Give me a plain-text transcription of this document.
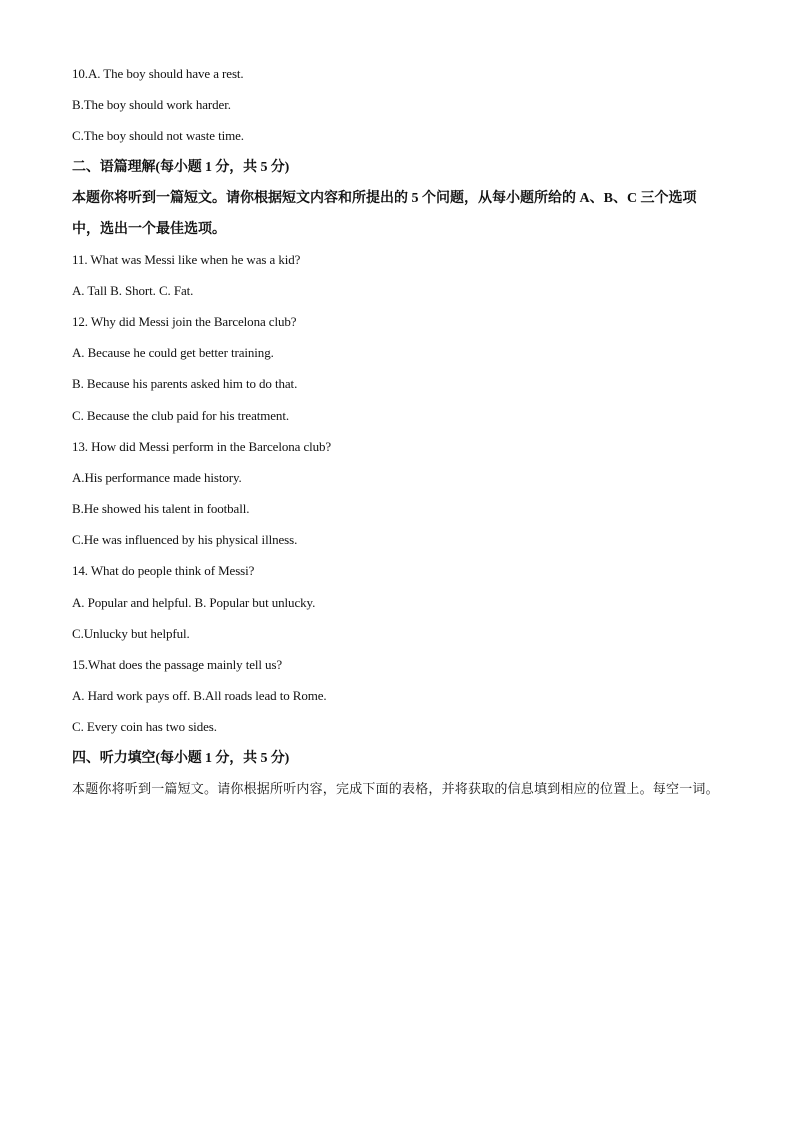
10.A. The boy should have a rest.
B.The boy should work harder.
C.The boy should not waste time.
二、语篇理解(每小题 1 分，共 5 分)
本题你将听到一篇短文。请你根据短文内容和所提出的 5 个问题，从每小题所给的 A、B、C 三个选项中，选出一个最佳选项。
11. What was Messi like when he was a kid?
A. Tall B. Short. C. Fat.
12. Why did Messi join the Barcelona club?
A. Because he could get better training.
B. Because his parents asked him to do that.
C. Because the club paid for his treatment.
13. How did Messi perform in the Barcelona club?
A.His performance made history.
B.He showed his talent in football.
C.He was influenced by his physical illness.
14. What do people think of Messi?
A. Popular and helpful. B. Popular but unlucky.
C.Unlucky but helpful.
15.What does the passage mainly tell us?
A. Hard work pays off. B.All roads lead to Rome.
C. Every coin has two sides.
四、听力填空(每小题 1 分，共 5 分)
本题你将听到一篇短文。请你根据所听内容，完成下面的表格，并将获取的信息填到相应的位置上。每空一词。
